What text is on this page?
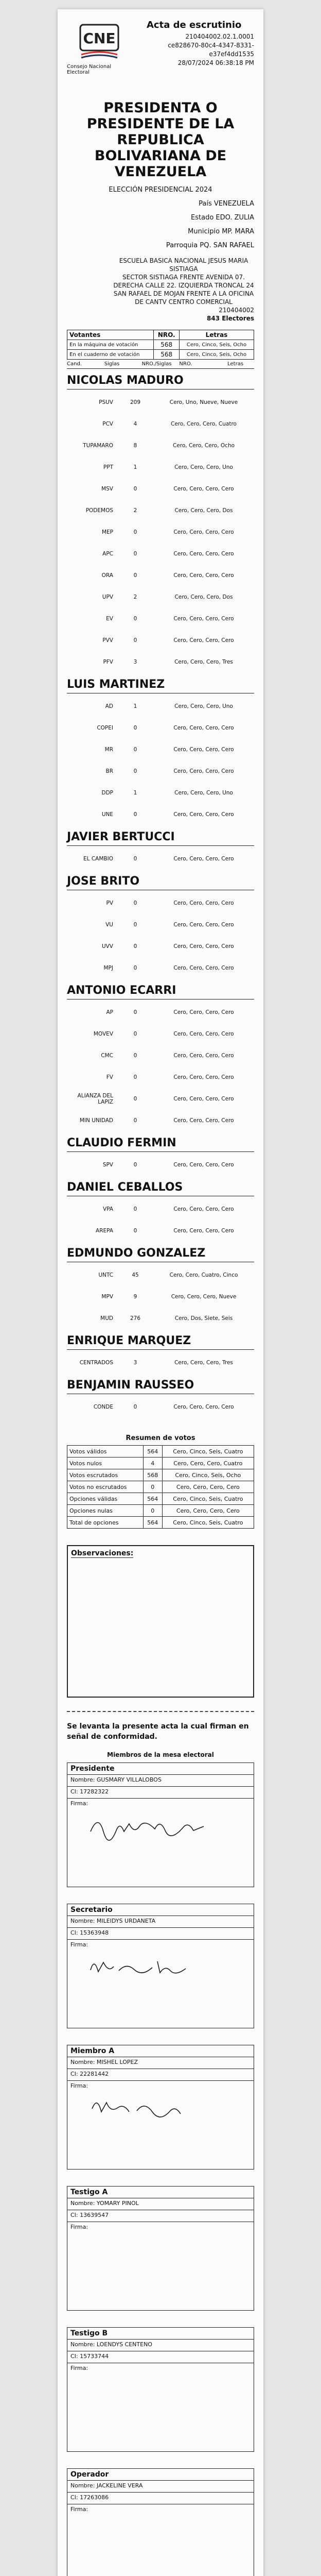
CNE
Consejo Nacional Electoral
Acta de escrutinio
210404002.02.1.0001
ce828670-80c4-4347-8331-
e37ef4dd1535
28/07/2024 06:38:18 PM
PRESIDENTA O PRESIDENTE DE LA REPUBLICA BOLIVARIANA DE VENEZUELA
ELECCIÓN PRESIDENCIAL 2024
País VENEZUELA
Estado EDO. ZULIA
Municipio MP. MARA
Parroquia PQ. SAN RAFAEL
ESCUELA BASICA NACIONAL JESUS MARIA SISTIAGA
SECTOR SISTIAGA FRENTE AVENIDA 07. DERECHA CALLE 22. IZQUIERDA TRONCAL 24 SAN RAFAEL DE MOJAN FRENTE A LA OFICINA DE CANTV CENTRO COMERCIAL
210404002
843 Electores
Votantes	NRO.	Letras
En la máquina de votación	568	Cero, Cinco, Seis, Ocho
En el cuaderno de votación	568	Cero, Cinco, Seis, Ocho
Cand.	Siglas	NRO./Siglas	NRO.	Letras
NICOLAS MADURO
PSUV	209	Cero, Uno, Nueve, Nueve
PCV	4	Cero, Cero, Cero, Cuatro
TUPAMARO	8	Cero, Cero, Cero, Ocho
PPT	1	Cero, Cero, Cero, Uno
MSV	0	Cero, Cero, Cero, Cero
PODEMOS	2	Cero, Cero, Cero, Dos
MEP	0	Cero, Cero, Cero, Cero
APC	0	Cero, Cero, Cero, Cero
ORA	0	Cero, Cero, Cero, Cero
UPV	2	Cero, Cero, Cero, Dos
EV	0	Cero, Cero, Cero, Cero
PVV	0	Cero, Cero, Cero, Cero
PFV	3	Cero, Cero, Cero, Tres
LUIS MARTINEZ
AD	1	Cero, Cero, Cero, Uno
COPEI	0	Cero, Cero, Cero, Cero
MR	0	Cero, Cero, Cero, Cero
BR	0	Cero, Cero, Cero, Cero
DDP	1	Cero, Cero, Cero, Uno
UNE	0	Cero, Cero, Cero, Cero
JAVIER BERTUCCI
EL CAMBIO	0	Cero, Cero, Cero, Cero
JOSE BRITO
PV	0	Cero, Cero, Cero, Cero
VU	0	Cero, Cero, Cero, Cero
UVV	0	Cero, Cero, Cero, Cero
MPJ	0	Cero, Cero, Cero, Cero
ANTONIO ECARRI
AP	0	Cero, Cero, Cero, Cero
MOVEV	0	Cero, Cero, Cero, Cero
CMC	0	Cero, Cero, Cero, Cero
FV	0	Cero, Cero, Cero, Cero
ALIANZA DEL LAPIZ	0	Cero, Cero, Cero, Cero
MIN UNIDAD	0	Cero, Cero, Cero, Cero
CLAUDIO FERMIN
SPV	0	Cero, Cero, Cero, Cero
DANIEL CEBALLOS
VPA	0	Cero, Cero, Cero, Cero
AREPA	0	Cero, Cero, Cero, Cero
EDMUNDO GONZALEZ
UNTC	45	Cero, Cero, Cuatro, Cinco
MPV	9	Cero, Cero, Cero, Nueve
MUD	276	Cero, Dos, Siete, Seis
ENRIQUE MARQUEZ
CENTRADOS	3	Cero, Cero, Cero, Tres
BENJAMIN RAUSSEO
CONDE	0	Cero, Cero, Cero, Cero
Resumen de votos
Votos válidos	564	Cero, Cinco, Seis, Cuatro
Votos nulos	4	Cero, Cero, Cero, Cuatro
Votos escrutados	568	Cero, Cinco, Seis, Ocho
Votos no escrutados	0	Cero, Cero, Cero, Cero
Opciones válidas	564	Cero, Cinco, Seis, Cuatro
Opciones nulas	0	Cero, Cero, Cero, Cero
Total de opciones	564	Cero, Cinco, Seis, Cuatro
Observaciones:
Se levanta la presente acta la cual firman en señal de conformidad.
Miembros de la mesa electoral
Presidente
Nombre: GUSMARY VILLALOBOS
CI: 17282322
Firma:
Secretario
Nombre: MILEIDYS URDANETA
CI: 15363948
Firma:
Miembro A
Nombre: MISHEL LOPEZ
CI: 22281442
Firma:
Testigo A
Nombre: YOMARY PINOL
CI: 13639547
Firma:
Testigo B
Nombre: LOENDYS CENTENO
CI: 15733744
Firma:
Operador
Nombre: JACKELINE VERA
CI: 17263086
Firma:
